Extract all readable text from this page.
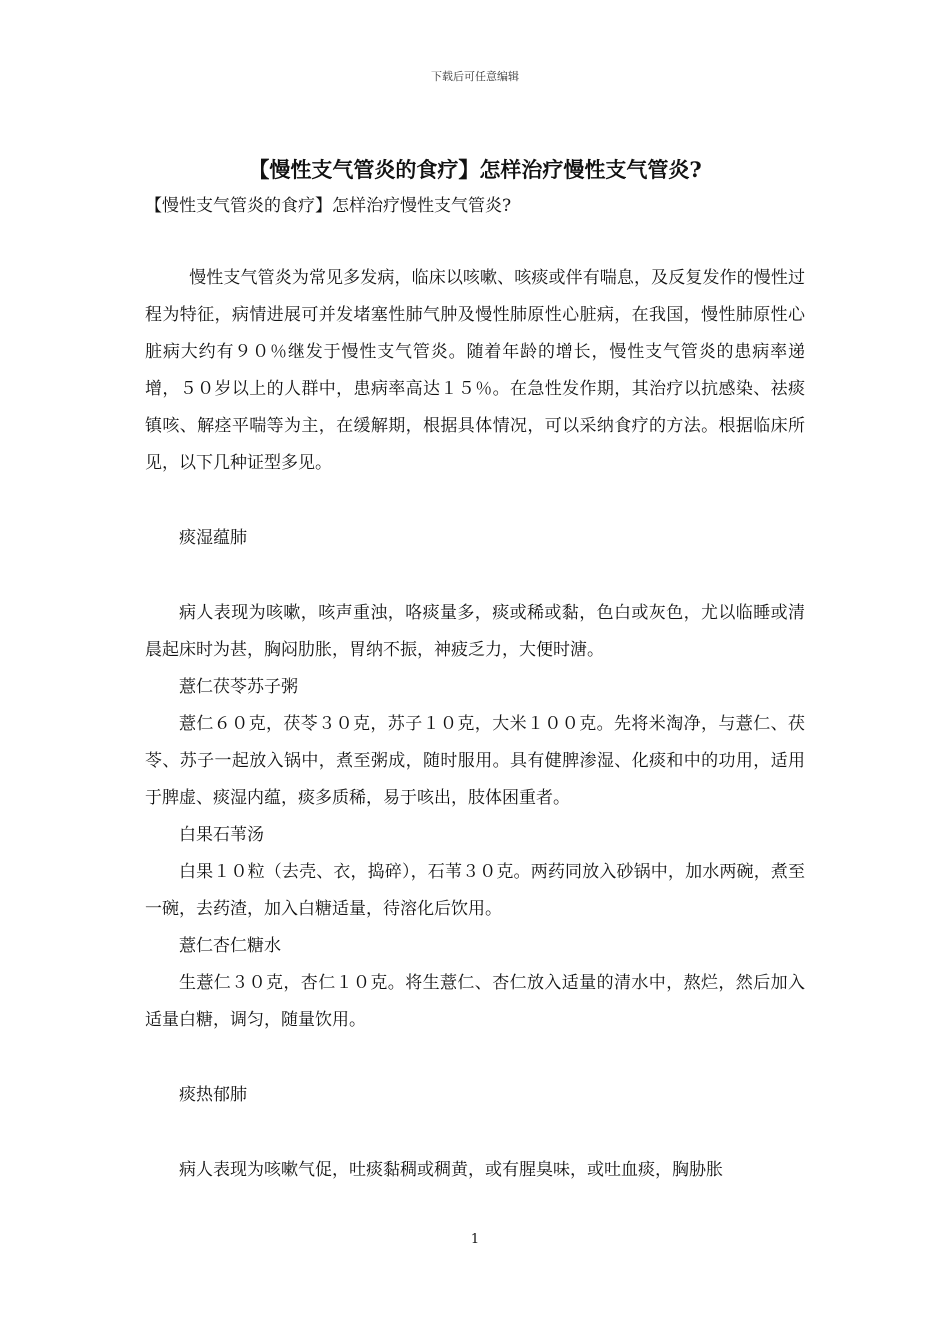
下载后可任意编辑
【慢性支气管炎的食疗】怎样治疗慢性支气管炎?
【慢性支气管炎的食疗】怎样治疗慢性支气管炎?

慢性支气管炎为常见多发病，临床以咳嗽、咳痰或伴有喘息，及反复发作的慢性过程为特征，病情进展可并发堵塞性肺气肿及慢性肺原性心脏病，在我国，慢性肺原性心脏病大约有９０％继发于慢性支气管炎。随着年龄的增长，慢性支气管炎的患病率递增，５０岁以上的人群中，患病率高达１５％。在急性发作期，其治疗以抗感染、祛痰镇咳、解痉平喘等为主，在缓解期，根据具体情况，可以采纳食疗的方法。根据临床所见，以下几种证型多见。

痰湿蕴肺

病人表现为咳嗽，咳声重浊，咯痰量多，痰或稀或黏，色白或灰色，尤以临睡或清晨起床时为甚，胸闷肋胀，胃纳不振，神疲乏力，大便时溏。

薏仁茯苓苏子粥

薏仁６０克，茯苓３０克，苏子１０克，大米１００克。先将米淘净，与薏仁、茯苓、苏子一起放入锅中，煮至粥成，随时服用。具有健脾渗湿、化痰和中的功用，适用于脾虚、痰湿内蕴，痰多质稀，易于咳出，肢体困重者。

白果石苇汤

白果１０粒（去壳、衣，捣碎），石苇３０克。两药同放入砂锅中，加水两碗，煮至一碗，去药渣，加入白糖适量，待溶化后饮用。

薏仁杏仁糖水

生薏仁３０克，杏仁１０克。将生薏仁、杏仁放入适量的清水中，熬烂，然后加入适量白糖，调匀，随量饮用。

痰热郁肺

病人表现为咳嗽气促，吐痰黏稠或稠黄，或有腥臭味，或吐血痰，胸胁胀

1
